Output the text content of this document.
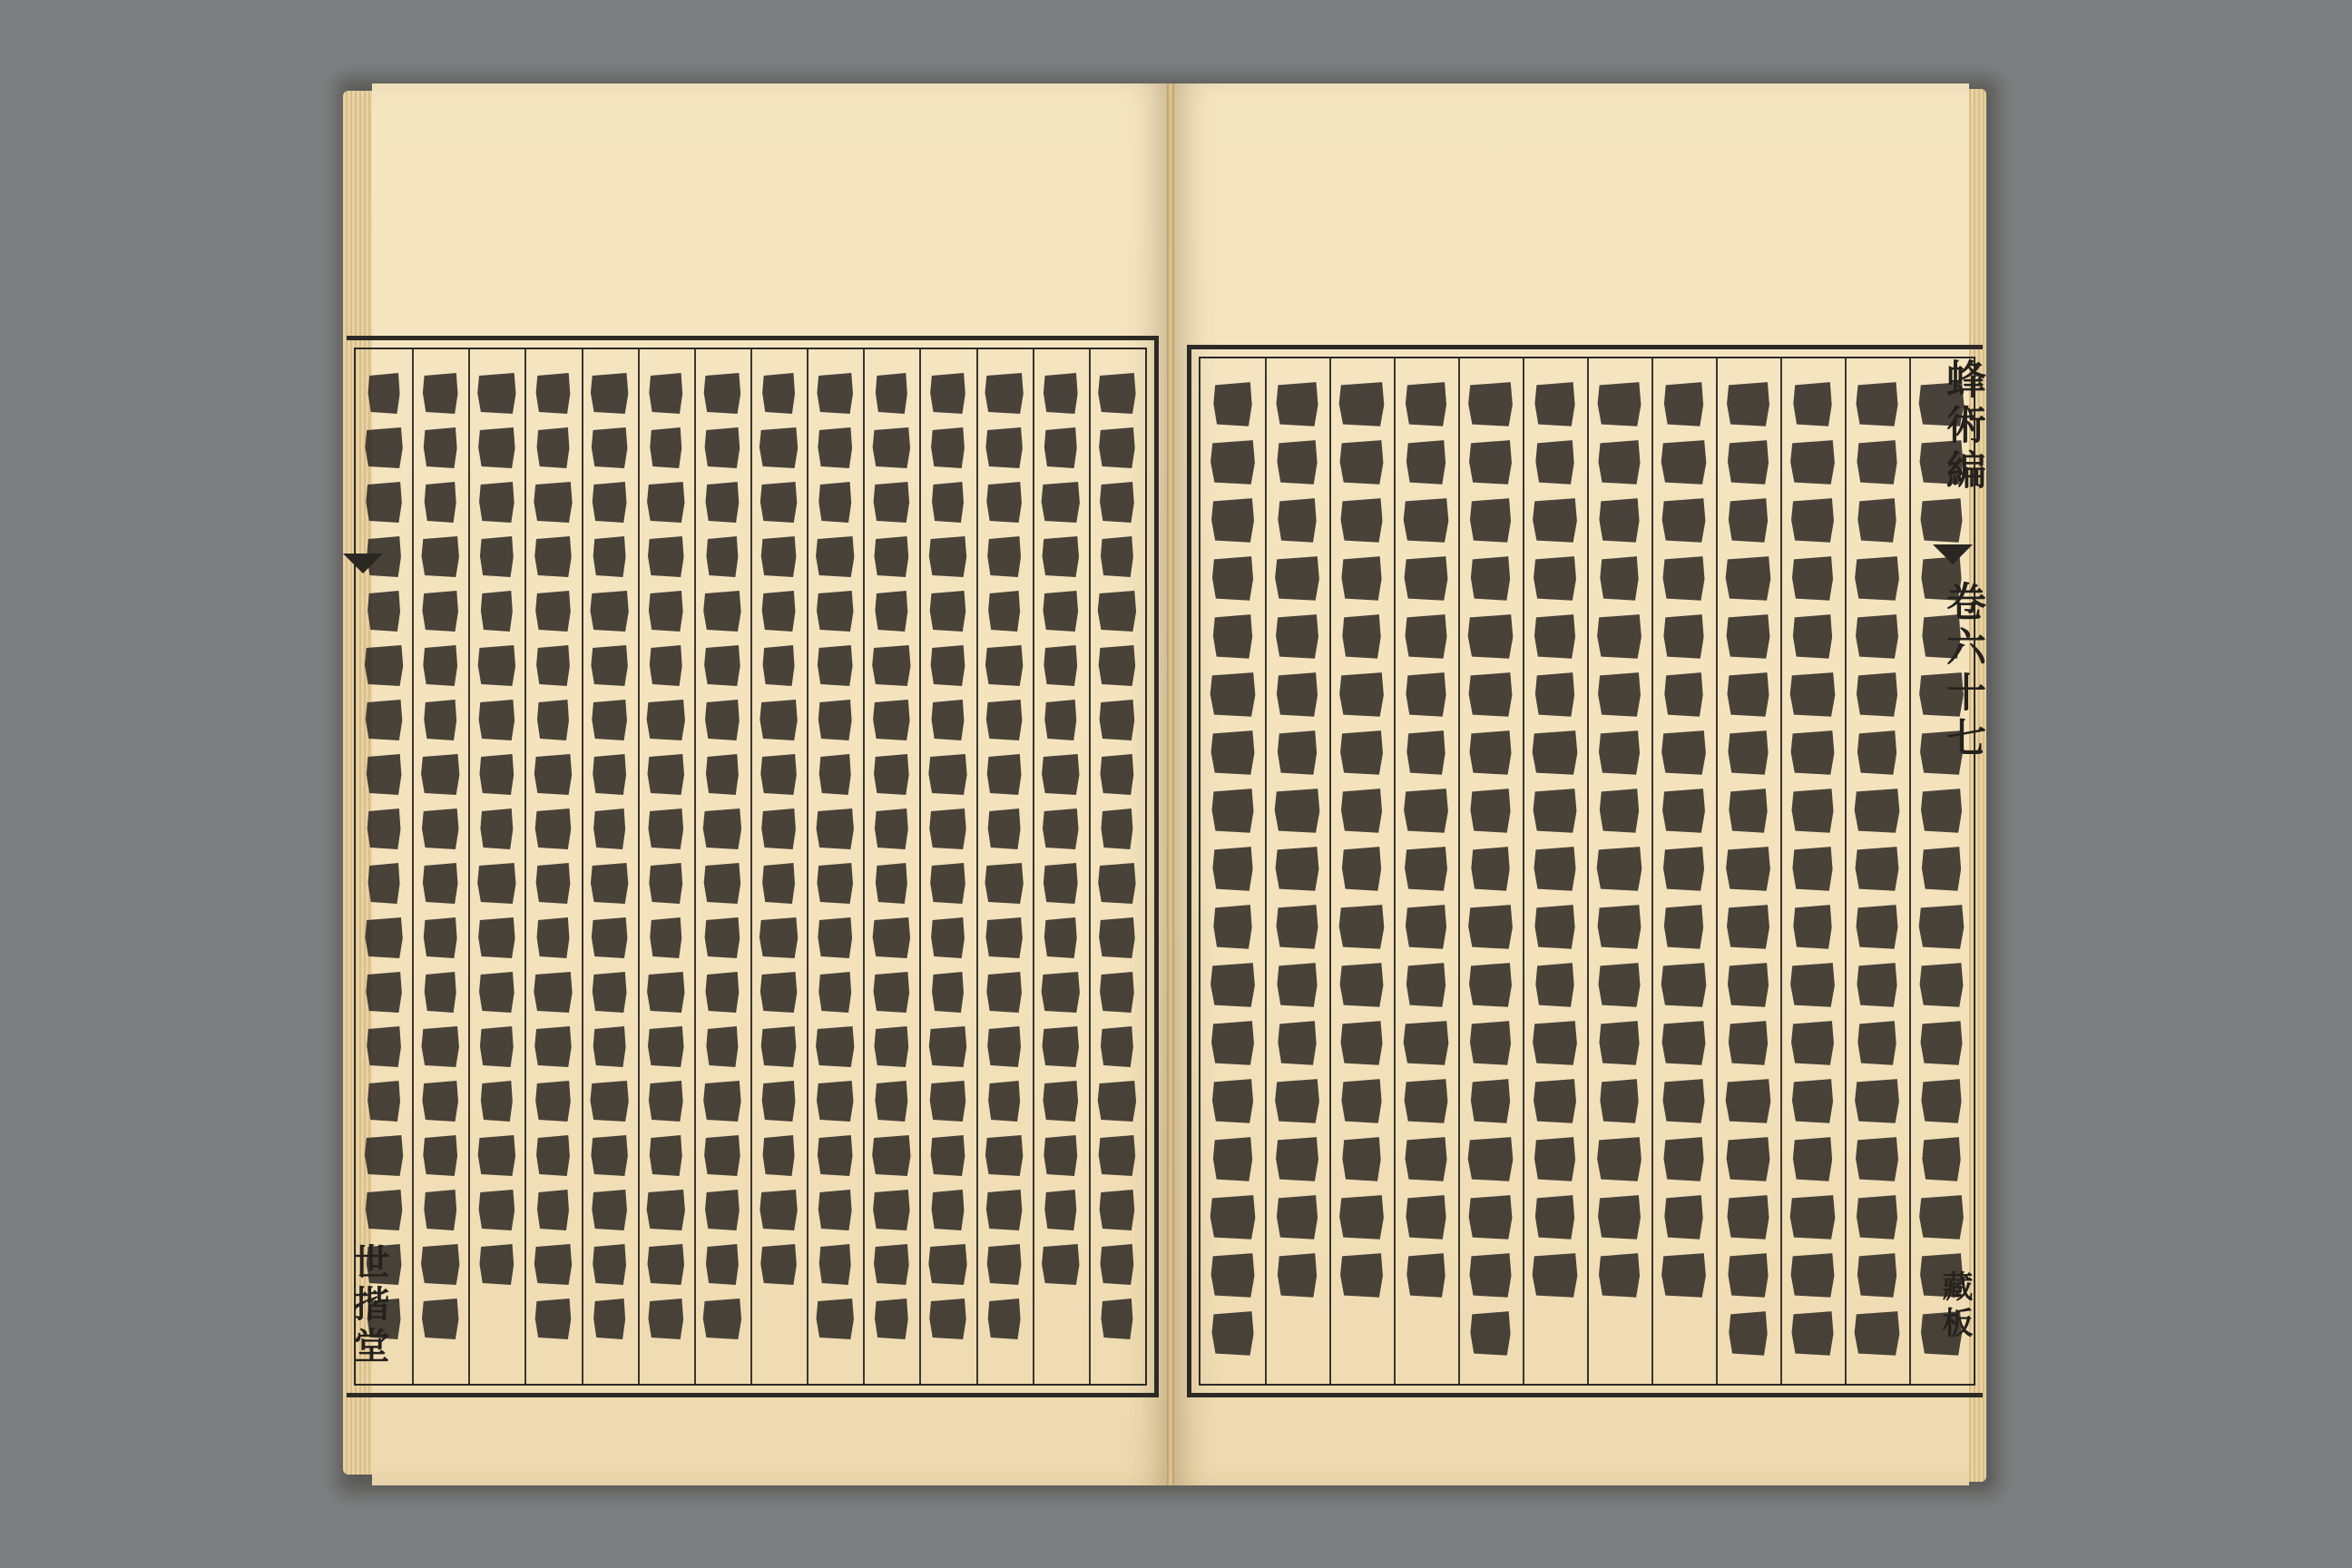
世揩堂
蜂術編
卷六十七
藏板
